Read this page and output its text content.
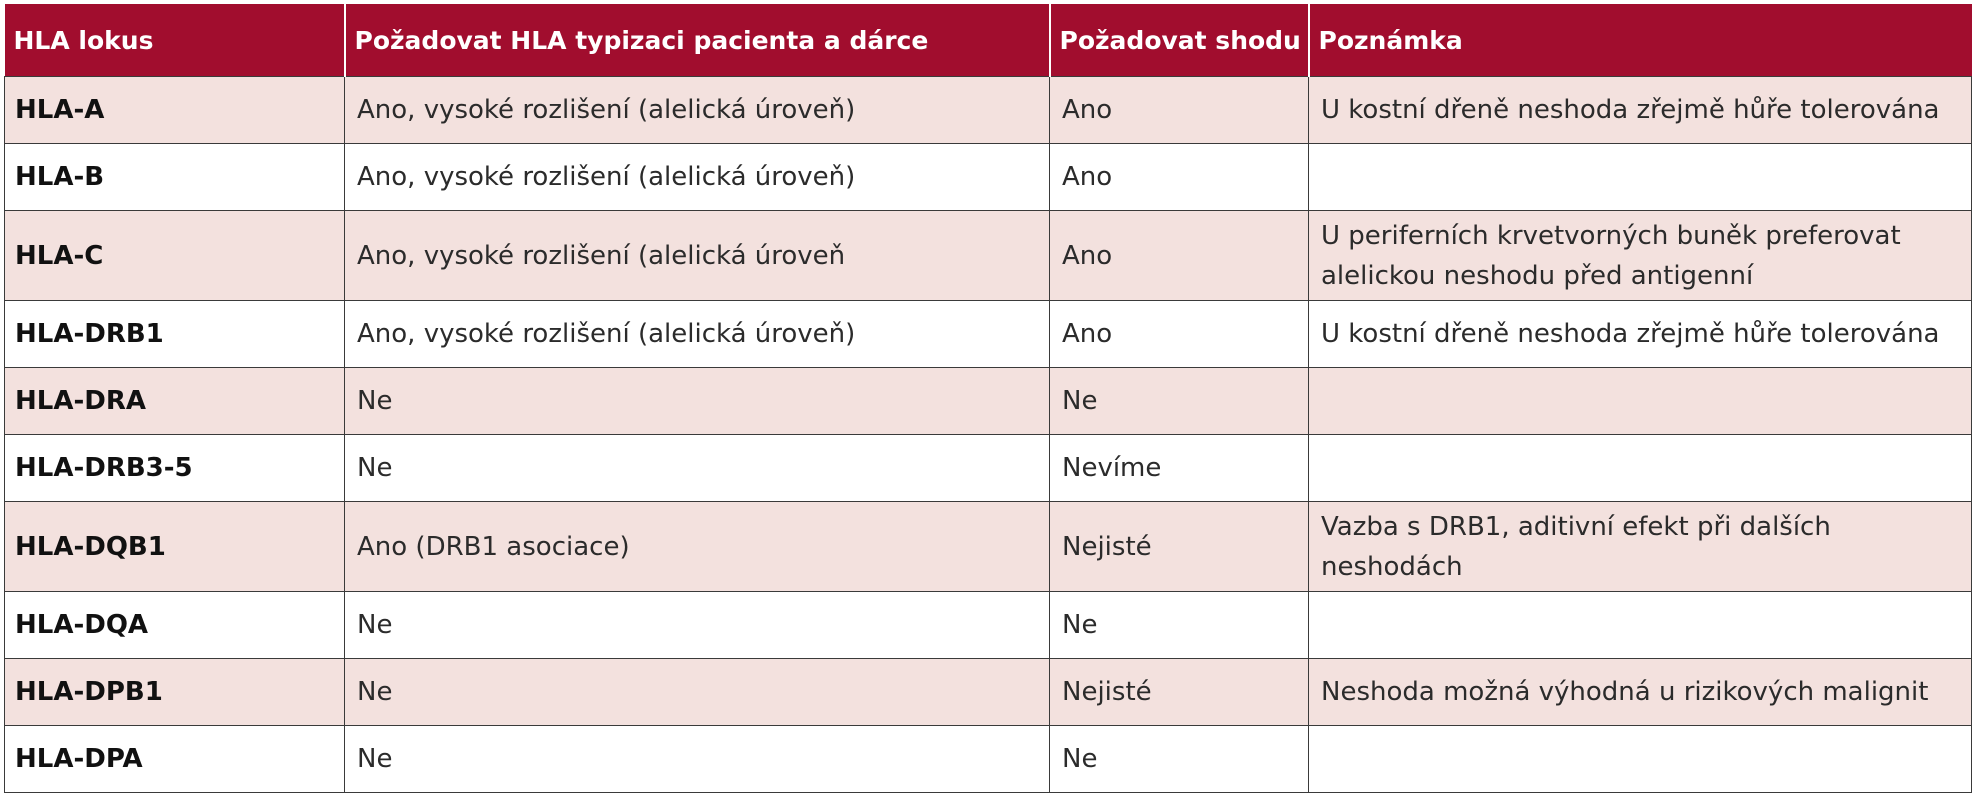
HLA lokus	Požadovat HLA typizaci pacienta a dárce	Požadovat shodu	Poznámka
HLA-A	Ano, vysoké rozlišení (alelická úroveň)	Ano	U kostní dřeně neshoda zřejmě hůře tolerována

HLA-B	Ano, vysoké rozlišení (alelická úroveň)	Ano	
HLA-C	Ano, vysoké rozlišení (alelická úroveň	Ano	U periferních krvetvorných buněk preferovat
alelickou neshodu před antigenní

HLA-DRB1	Ano, vysoké rozlišení (alelická úroveň)	Ano	U kostní dřeně neshoda zřejmě hůře tolerována

HLA-DRA	Ne	Ne	
HLA-DRB3-5	Ne	Nevíme	
HLA-DQB1	Ano (DRB1 asociace)	Nejisté	Vazba s DRB1, aditivní efekt při dalších
neshodách

HLA-DQA	Ne	Ne	
HLA-DPB1	Ne	Nejisté	Neshoda možná výhodná u rizikových malignit

HLA-DPA	Ne	Ne	
